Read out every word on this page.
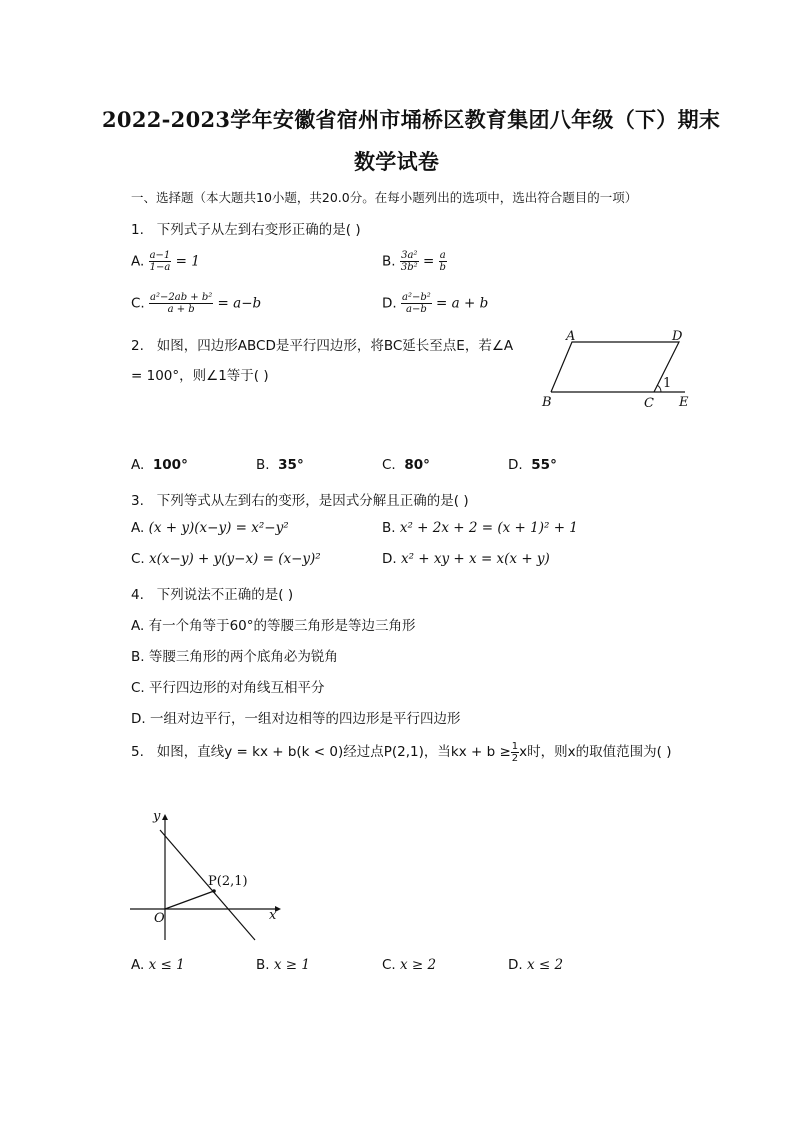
2022-2023学年安徽省宿州市埇桥区教育集团八年级（下）期末
数学试卷
一、选择题（本大题共10小题，共20.0分。在每小题列出的选项中，选出符合题目的一项）
1. 下列式子从左到右变形正确的是( )
A. $\frac{a-1}{1-a} = 1$	B. $\frac{\text{3a²}}{\text{3b²}} = \frac{a}{b}$
C. $\frac{\text{a²−2ab + b²}}{a + b} = a-b$	D. $\frac{\text{a²−b²}}{a-b} = a + b$
2. 如图，四边形ABCD是平行四边形，将BC延长至点E，若∠A
= 100°，则∠1等于( )
A	D
B	C E
1
A. 100°	B. 35°	C. 80°	D. 55°
3. 下列等式从左到右的变形，是因式分解且正确的是( )
A. (x + y)(x−y) = x²−y²	B. x² + 2x + 2 = (x + 1)² + 1
C. x(x−y) + y(y−x) = (x−y)²	D. x² + xy + x = x(x + y)
4. 下列说法不正确的是( )
A. 有一个角等于60°的等腰三角形是等边三角形
B. 等腰三角形的两个底角必为锐角
C. 平行四边形的对角线互相平分
D. 一组对边平行，一组对边相等的四边形是平行四边形
5. 如图，直线y = kx + b(k < 0)经过点P(2,1)，当kx + $b \ge \frac{1}{2}$ x时，则x的取值范围为( )
y
x
O
P(2,1)
A. x ≤ 1	B. x ≥ 1	C. x ≥ 2	D. x ≤ 2
